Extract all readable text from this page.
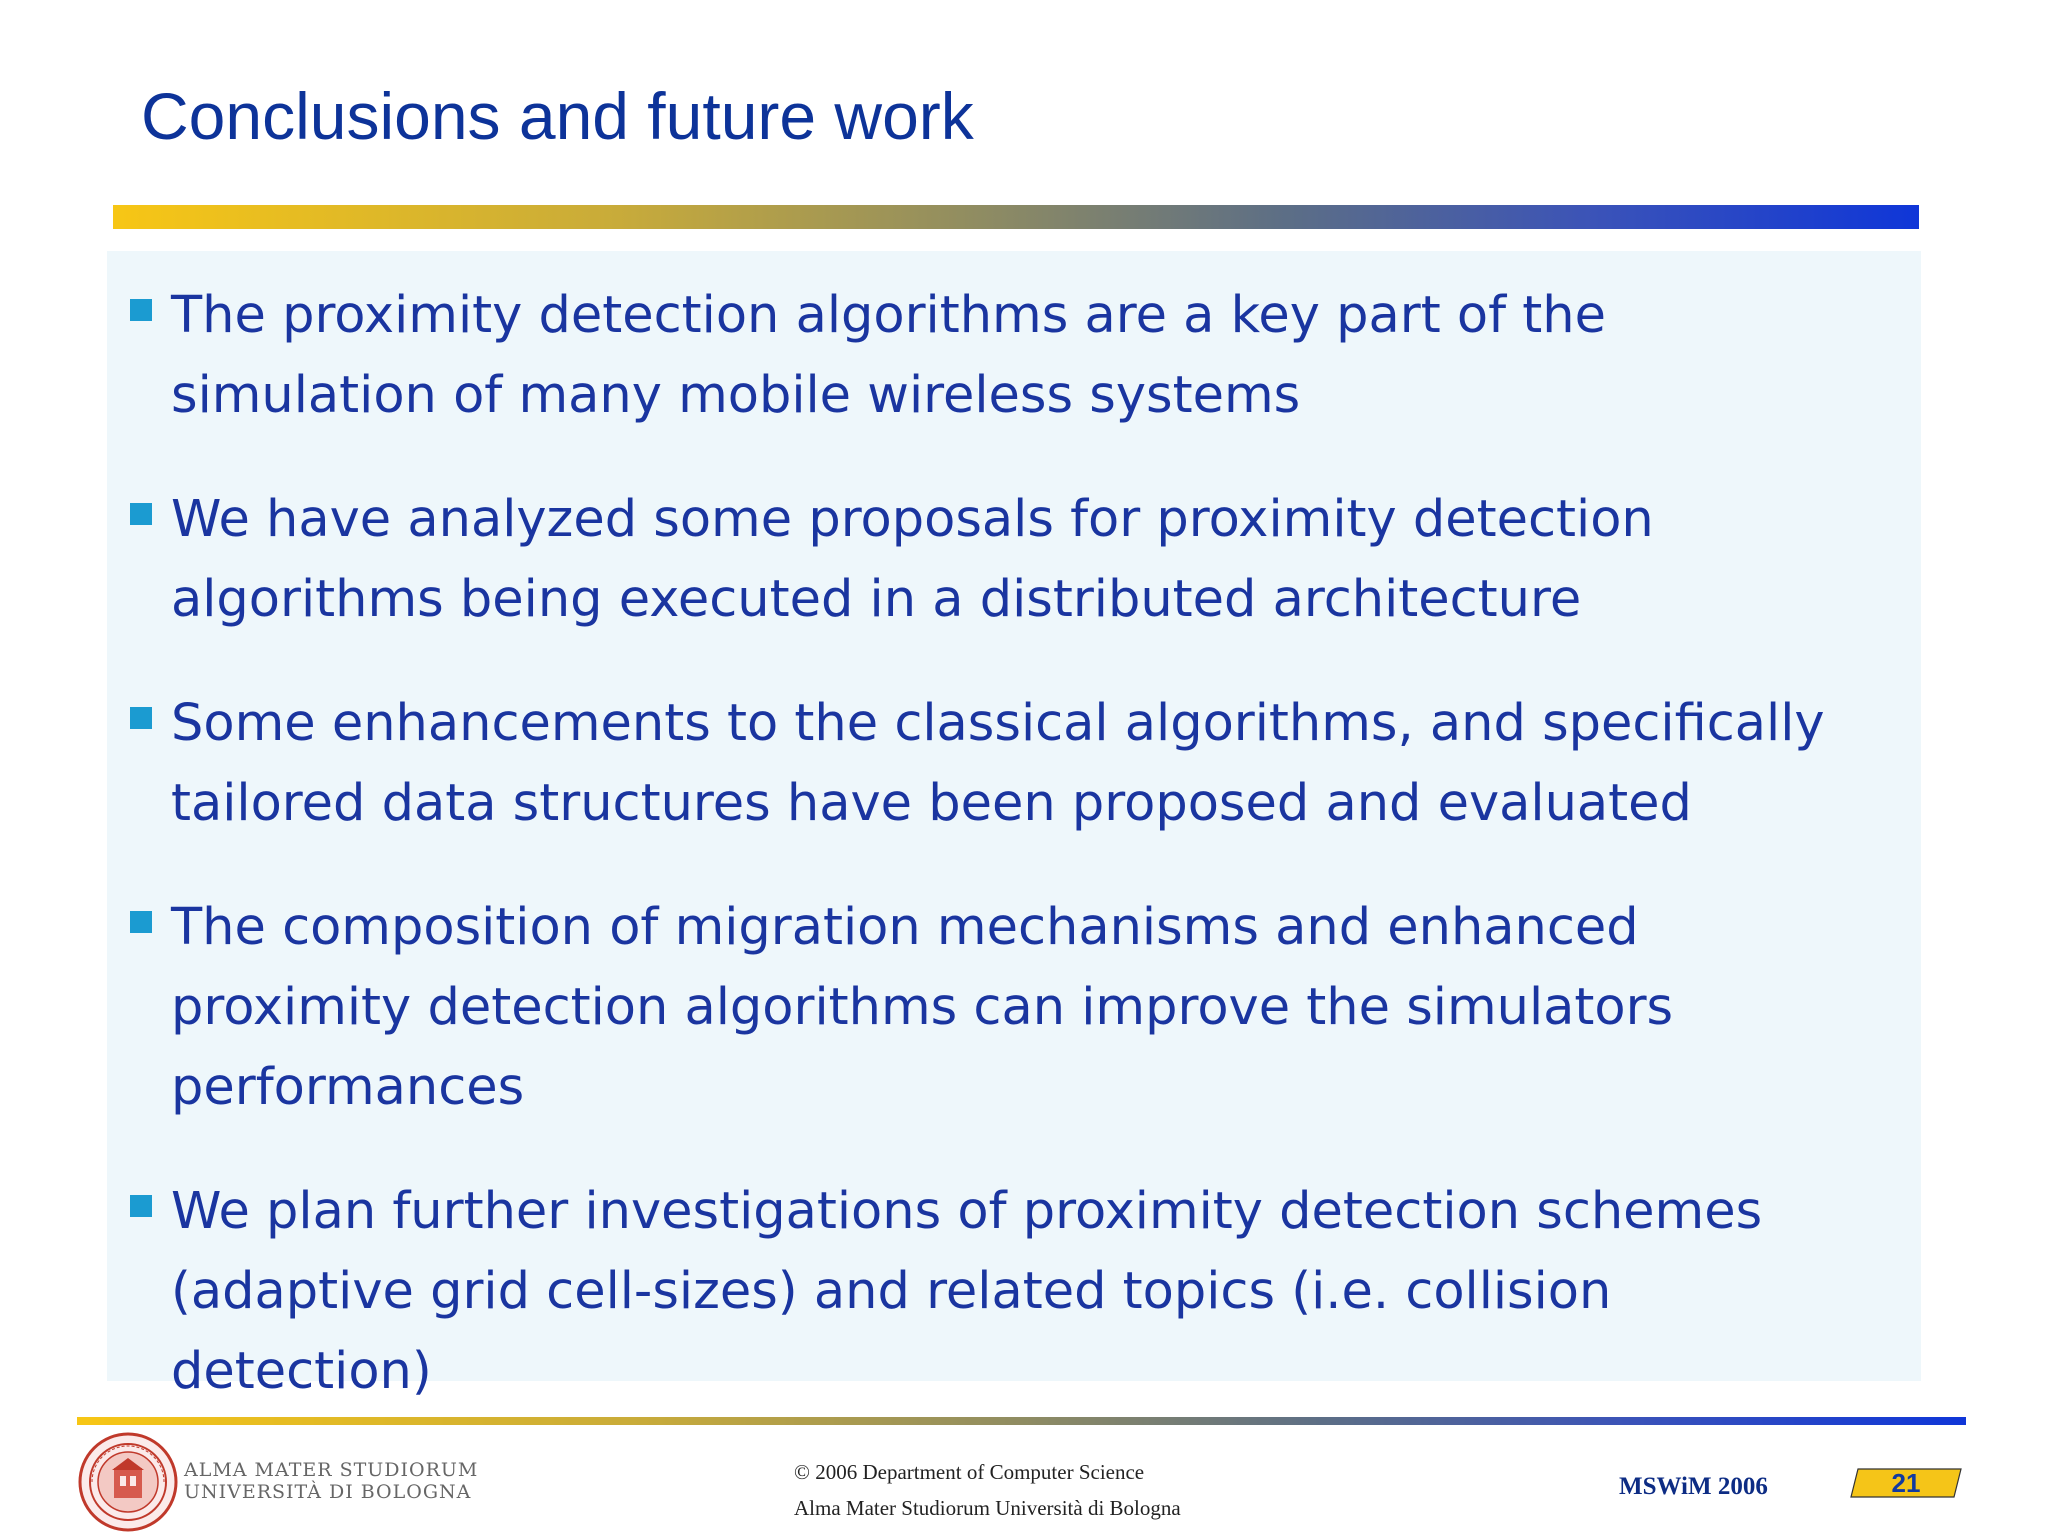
Conclusions and future work
The proximity detection algorithms are a key part of the
simulation of many mobile wireless systems
We have analyzed some proposals for proximity detection
algorithms being executed in a distributed architecture
Some enhancements to the classical algorithms, and specifically
tailored data structures have been proposed and evaluated
The composition of migration mechanisms and enhanced
proximity detection algorithms can improve the simulators
performances
We plan further investigations of proximity detection schemes
(adaptive grid cell-sizes) and related topics (i.e. collision
detection)
ALMA MATER STUDIORUM
UNIVERSITÀ DI BOLOGNA
© 2006 Department of Computer Science
Alma Mater Studiorum Università di Bologna
MSWiM 2006	21
